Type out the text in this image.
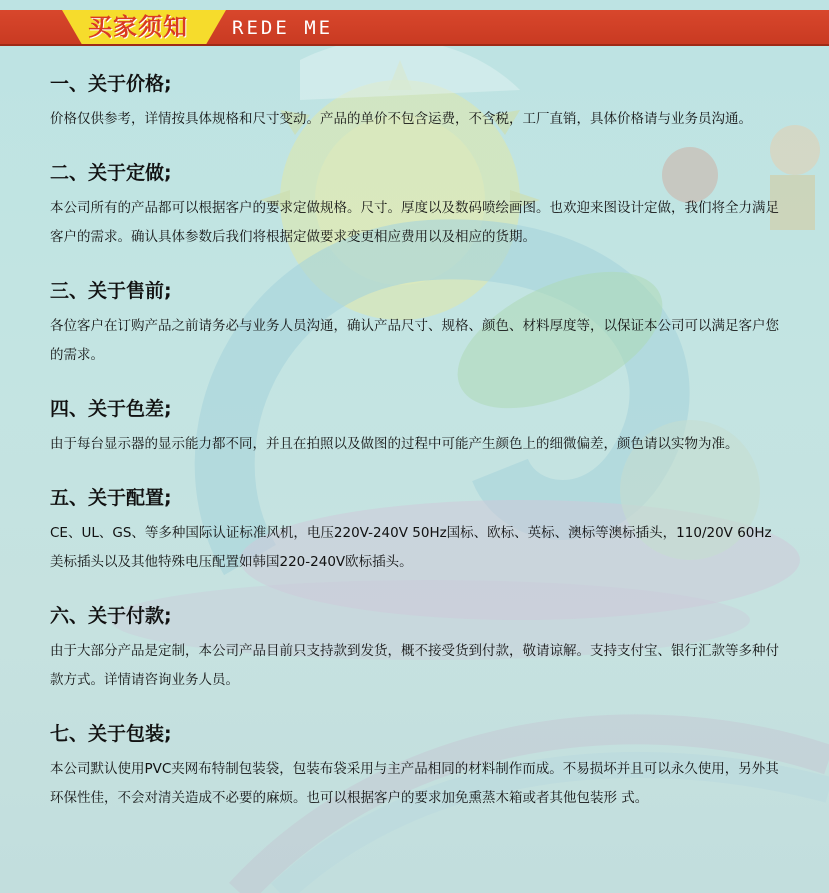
买家须知 REDE ME
一、关于价格;

价格仅供参考，详情按具体规格和尺寸变动。产品的单价不包含运费，不含税，工厂直销，具体价格请与业务员沟通。

二、关于定做;

本公司所有的产品都可以根据客户的要求定做规格。尺寸。厚度以及数码喷绘画图。也欢迎来图设计定做，我们将全力满足客户的需求。确认具体参数后我们将根据定做要求变更相应费用以及相应的货期。

三、关于售前;

各位客户在订购产品之前请务必与业务人员沟通，确认产品尺寸、规格、颜色、材料厚度等，以保证本公司可以满足客户您的需求。

四、关于色差;

由于每台显示器的显示能力都不同，并且在拍照以及做图的过程中可能产生颜色上的细微偏差，颜色请以实物为准。

五、关于配置;

CE、UL、GS、等多种国际认证标准风机，电压220V-240V 50Hz国标、欧标、英标、澳标等澳标插头，110/20V 60Hz美标插头以及其他特殊电压配置如韩国220-240V欧标插头。

六、关于付款;

由于大部分产品是定制，本公司产品目前只支持款到发货，概不接受货到付款，敬请谅解。支持支付宝、银行汇款等多种付款方式。详情请咨询业务人员。

七、关于包装;

本公司默认使用PVC夹网布特制包装袋，包装布袋采用与主产品相同的材料制作而成。不易损坏并且可以永久使用，另外其环保性佳，不会对清关造成不必要的麻烦。也可以根据客户的要求加免熏蒸木箱或者其他包装形 式。
